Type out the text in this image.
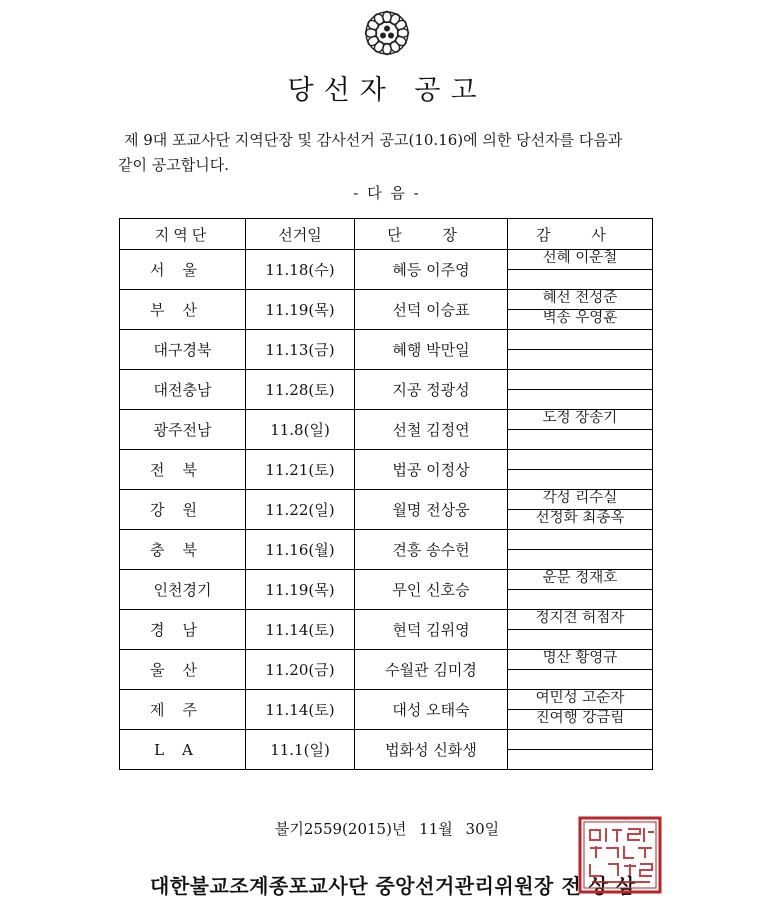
당선자 공고
제 9대 포교사단 지역단장 및 감사선거 공고(10.16)에 의한 당선자를 다음과
같이 공고합니다.
- 다 음 -
지역단	선거일	단 장	감 사
서울	11.18(수)	혜등 이주영	선혜 이운철

부산	11.19(목)	선덕 이승표	혜선 전성준
벽송 우영훈

대구경북	11.13(금)	혜행 박만일	

대전충남	11.28(토)	지공 정광성	

광주전남	11.8(일)	선철 김정연	도정 장송기

전북	11.21(토)	법공 이정상	

강원	11.22(일)	월명 전상웅	각성 리수실
선정화 최종옥

충북	11.16(월)	견흥 송수헌	

인천경기	11.19(목)	무인 신호승	운문 정재호

경남	11.14(토)	현덕 김위영	정지견 허점자

울산	11.20(금)	수월관 김미경	명산 황영규

제주	11.14(토)	대성 오태숙	여민성 고순자
진여행 강금림

LA	11.1(일)	법화성 신화생	
불기2559(2015)년 11월 30일
대한불교조계종포교사단 중앙선거관리위원장 전 상 삼
